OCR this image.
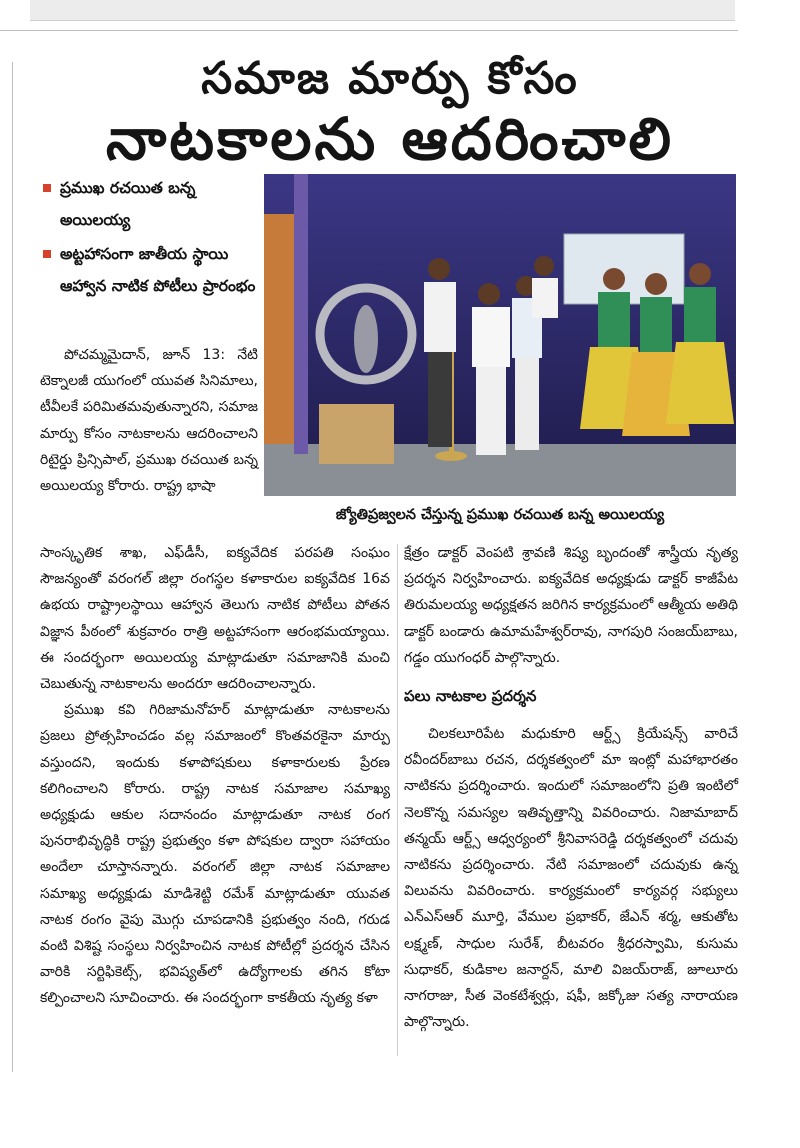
సమాజ మార్పు కోసం
నాటకాలను ఆదరించాలి
ప్రముఖ రచయిత బన్న అయిలయ్య
అట్టహాసంగా జాతీయ స్థాయి ఆహ్వాన నాటిక పోటీలు ప్రారంభం
జ్యోతిప్రజ్వలన చేస్తున్న ప్రముఖ రచయిత బన్న అయిలయ్య

పోచమ్మమైదాన్, జూన్ 13: నేటి టెక్నాలజీ యుగంలో యువత సినిమాలు, టీవీలకే పరిమితమవుతున్నారని, సమాజ మార్పు కోసం నాటకాలను ఆదరించాలని రిటైర్డు ప్రిన్సిపాల్, ప్రముఖ రచయిత బన్న అయిలయ్య కోరారు. రాష్ట్ర భాషా

సాంస్కృతిక శాఖ, ఎఫ్‌డీసీ, ఐక్యవేదిక పరపతి సంఘం సౌజన్యంతో వరంగల్ జిల్లా రంగస్థల కళాకారుల ఐక్యవేదిక 16వ ఉభయ రాష్ట్రాలస్థాయి ఆహ్వాన తెలుగు నాటిక పోటీలు పోతన విజ్ఞాన పీఠంలో శుక్రవారం రాత్రి అట్టహాసంగా ఆరంభమయ్యాయి. ఈ సందర్భంగా అయిలయ్య మాట్లాడుతూ సమాజానికి మంచి చెబుతున్న నాటకాలను అందరూ ఆదరించాలన్నారు.

ప్రముఖ కవి గిరిజామనోహర్ మాట్లాడుతూ నాటకాలను ప్రజలు ప్రోత్సహించడం వల్ల సమాజంలో కొంతవరకైనా మార్పు వస్తుందని, ఇందుకు కళాపోషకులు కళాకారులకు ప్రేరణ కలిగించాలని కోరారు. రాష్ట్ర నాటక సమాజాల సమాఖ్య అధ్యక్షుడు ఆకుల సదానందం మాట్లాడుతూ నాటక రంగ పునరాభివృద్ధికి రాష్ట్ర ప్రభుత్వం కళా పోషకుల ద్వారా సహాయం అందేలా చూస్తానన్నారు. వరంగల్ జిల్లా నాటక సమాజాల సమాఖ్య అధ్యక్షుడు మాడిశెట్టి రమేశ్ మాట్లాడుతూ యువత నాటక రంగం వైపు మొగ్గు చూపడానికి ప్రభుత్వం నంది, గరుడ వంటి విశిష్ట సంస్థలు నిర్వహించిన నాటక పోటీల్లో ప్రదర్శన చేసిన వారికి సర్టిఫికెట్స్, భవిష్యత్‌లో ఉద్యోగాలకు తగిన కోటా కల్పించాలని సూచించారు. ఈ సందర్భంగా కాకతీయ నృత్య కళా

క్షేత్రం డాక్టర్ వెంపటి శ్రావణి శిష్య బృందంతో శాస్త్రీయ నృత్య ప్రదర్శన నిర్వహించారు. ఐక్యవేదిక అధ్యక్షుడు డాక్టర్ కాజీపేట తిరుమలయ్య అధ్యక్షతన జరిగిన కార్యక్రమంలో ఆత్మీయ అతిథి డాక్టర్ బండారు ఉమామహేశ్వర్‌రావు, నాగపురి సంజయ్‌బాబు, గడ్డం యుగంధర్ పాల్గొన్నారు.

పలు నాటకాల ప్రదర్శన

చిలకలూరిపేట మధుకూరి ఆర్ట్స్ క్రియేషన్స్ వారిచే రవీందర్‌బాబు రచన, దర్శకత్వంలో మా ఇంట్లో మహాభారతం నాటికను ప్రదర్శించారు. ఇందులో సమాజంలోని ప్రతి ఇంటిలో నెలకొన్న సమస్యల ఇతివృత్తాన్ని వివరించారు. నిజామాబాద్ తన్మయ్ ఆర్ట్స్ ఆధ్వర్యంలో శ్రీనివాసరెడ్డి దర్శకత్వంలో చదువు నాటికను ప్రదర్శించారు. నేటి సమాజంలో చదువుకు ఉన్న విలువను వివరించారు. కార్యక్రమంలో కార్యవర్గ సభ్యులు ఎన్‌ఎస్‌ఆర్ మూర్తి, వేముల ప్రభాకర్, జేఎన్ శర్మ, ఆకుతోట లక్ష్మణ్, సాధుల సురేశ్, బీటవరం శ్రీధరస్వామి, కుసుమ సుధాకర్, కుడికాల జనార్దన్, మాలి విజయ్‌రాజ్, జూలూరు నాగరాజు, సీత వెంకటేశ్వర్లు, షఫీ, జక్కోజు సత్య నారాయణ పాల్గొన్నారు.
